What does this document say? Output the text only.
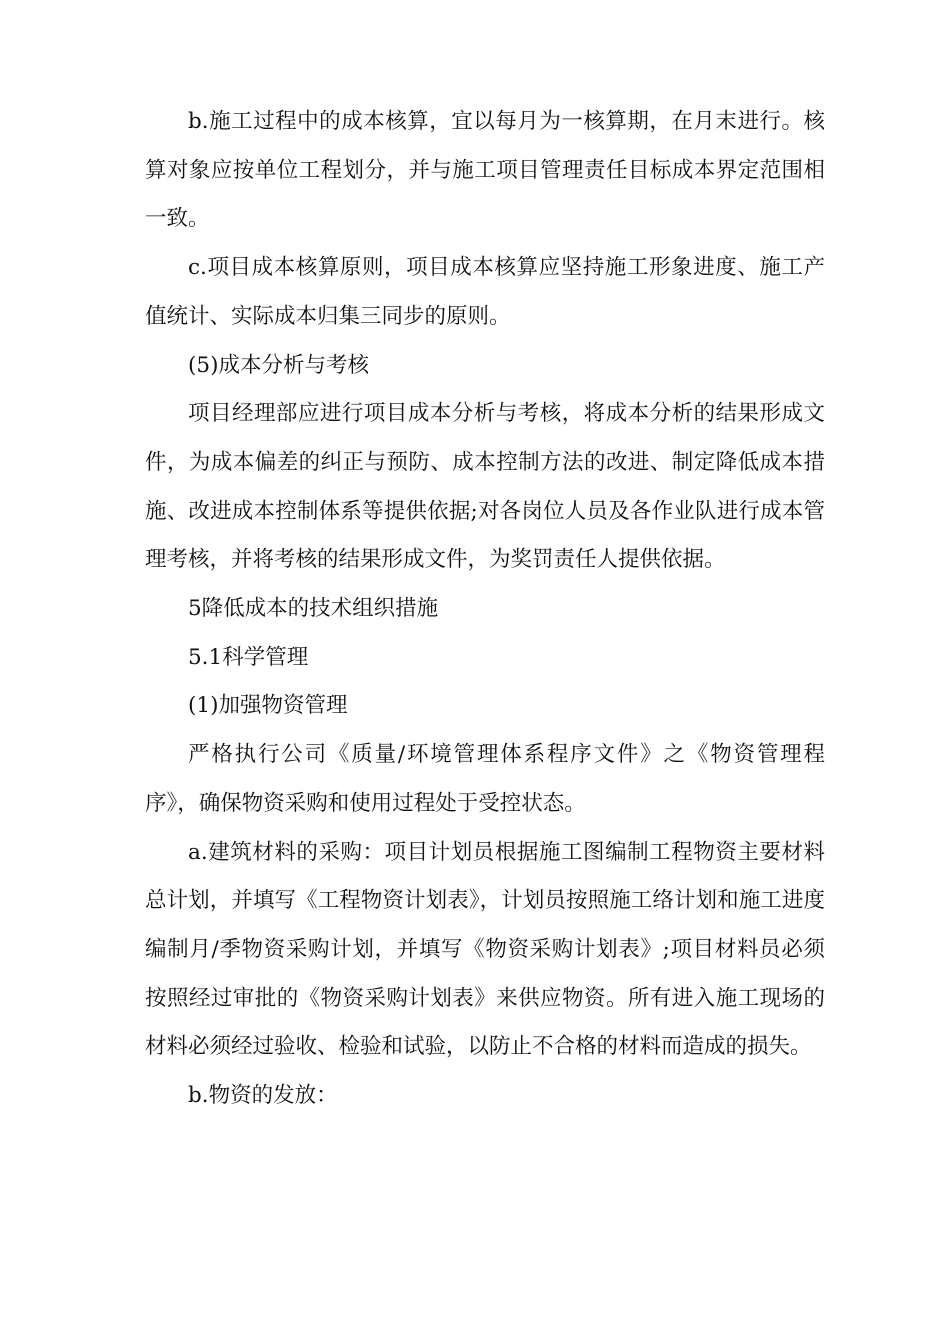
b.施工过程中的成本核算，宜以每月为一核算期，在月末进行。核算对象应按单位工程划分，并与施工项目管理责任目标成本界定范围相一致。

c.项目成本核算原则，项目成本核算应坚持施工形象进度、施工产值统计、实际成本归集三同步的原则。

(5)成本分析与考核

项目经理部应进行项目成本分析与考核，将成本分析的结果形成文件，为成本偏差的纠正与预防、成本控制方法的改进、制定降低成本措施、改进成本控制体系等提供依据;对各岗位人员及各作业队进行成本管理考核，并将考核的结果形成文件，为奖罚责任人提供依据。

5降低成本的技术组织措施

5.1科学管理

(1)加强物资管理

严格执行公司《质量/环境管理体系程序文件》之《物资管理程序》，确保物资采购和使用过程处于受控状态。

a.建筑材料的采购：项目计划员根据施工图编制工程物资主要材料总计划，并填写《工程物资计划表》，计划员按照施工络计划和施工进度编制月/季物资采购计划，并填写《物资采购计划表》;项目材料员必须按照经过审批的《物资采购计划表》来供应物资。所有进入施工现场的材料必须经过验收、检验和试验，以防止不合格的材料而造成的损失。

b.物资的发放：
